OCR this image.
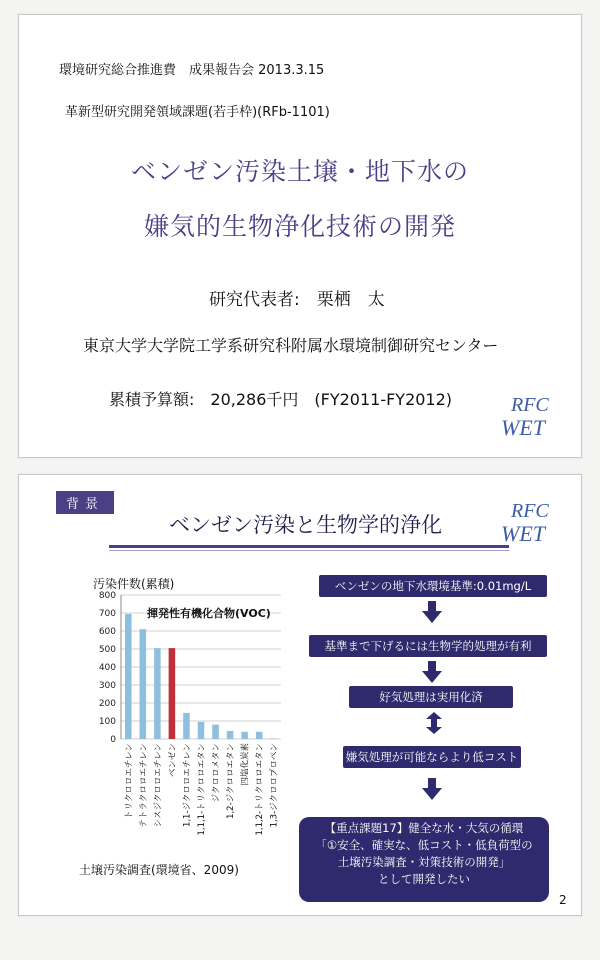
環境研究総合推進費　成果報告会 2013.3.15
革新型研究開発領域課題(若手枠)(RFb-1101)
ベンゼン汚染土壌・地下水の
嫌気的生物浄化技術の開発
研究代表者:　栗栖　太
東京大学大学院工学系研究科附属水環境制御研究センター
累積予算額:　20,286千円　(FY2011-FY2012)	RFC
WET
背景
ベンゼン汚染と生物学的浄化
RFC
WET
汚染件数(累積)
0
100
200
300
400
500
600
700
800
トリクロロエチレン テトラクロロエチレン シスジクロロエチレン ベンゼン 1,1-ジクロロエチレン 1,1,1-トリクロロエタン ジクロロメタン 1,2-ジクロロエタン 四塩化炭素 1,1,2-トリクロロエタン 1,3-ジクロロプロペン
揮発性有機化合物(VOC)
土壌汚染調査(環境省、2009)
ベンゼンの地下水環境基準:0.01mg/L
基準まで下げるには生物学的処理が有利
好気処理は実用化済
嫌気処理が可能ならより低コスト
【重点課題17】健全な水・大気の循環
「①安全、確実な、低コスト・低負荷型の
土壌汚染調査・対策技術の開発」
として開発したい
2
